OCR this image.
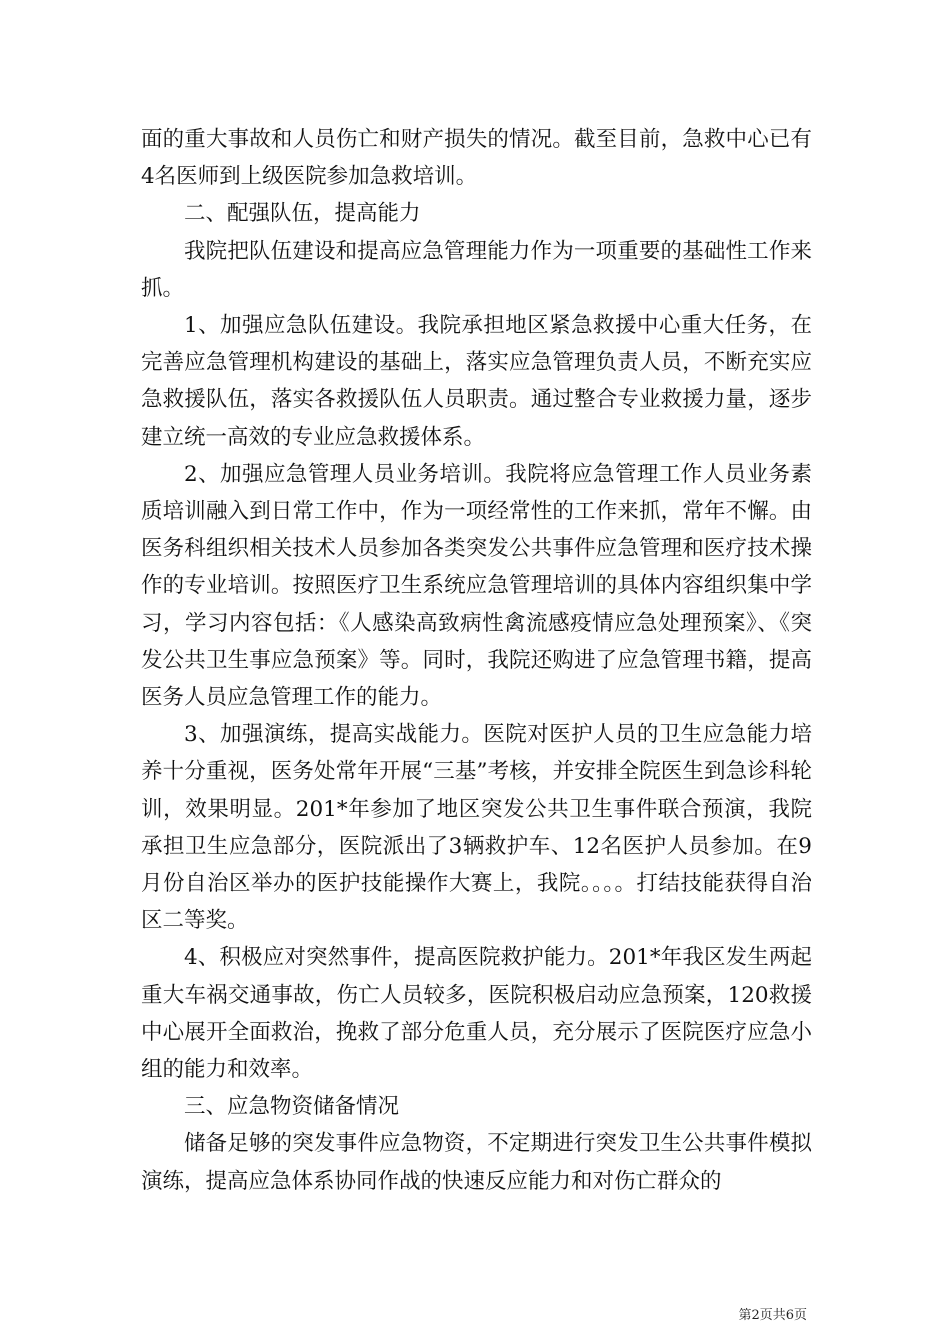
面的重大事故和人员伤亡和财产损失的情况。截至目前，急救中心已有4名医师到上级医院参加急救培训。

二、配强队伍，提高能力

我院把队伍建设和提高应急管理能力作为一项重要的基础性工作来抓。

1、加强应急队伍建设。我院承担地区紧急救援中心重大任务，在完善应急管理机构建设的基础上，落实应急管理负责人员，不断充实应急救援队伍，落实各救援队伍人员职责。通过整合专业救援力量，逐步建立统一高效的专业应急救援体系。

2、加强应急管理人员业务培训。我院将应急管理工作人员业务素质培训融入到日常工作中，作为一项经常性的工作来抓，常年不懈。由医务科组织相关技术人员参加各类突发公共事件应急管理和医疗技术操作的专业培训。按照医疗卫生系统应急管理培训的具体内容组织集中学习，学习内容包括：《人感染高致病性禽流感疫情应急处理预案》、《突发公共卫生事应急预案》等。同时，我院还购进了应急管理书籍，提高医务人员应急管理工作的能力。

3、加强演练，提高实战能力。医院对医护人员的卫生应急能力培养十分重视，医务处常年开展“三基”考核，并安排全院医生到急诊科轮训，效果明显。201*年参加了地区突发公共卫生事件联合预演，我院承担卫生应急部分，医院派出了3辆救护车、12名医护人员参加。在9月份自治区举办的医护技能操作大赛上，我院。。。。打结技能获得自治区二等奖。

4、积极应对突然事件，提高医院救护能力。201*年我区发生两起重大车祸交通事故，伤亡人员较多，医院积极启动应急预案，120救援中心展开全面救治，挽救了部分危重人员，充分展示了医院医疗应急小组的能力和效率。

三、应急物资储备情况

储备足够的突发事件应急物资，不定期进行突发卫生公共事件模拟演练，提高应急体系协同作战的快速反应能力和对伤亡群众的

第2页共6页
